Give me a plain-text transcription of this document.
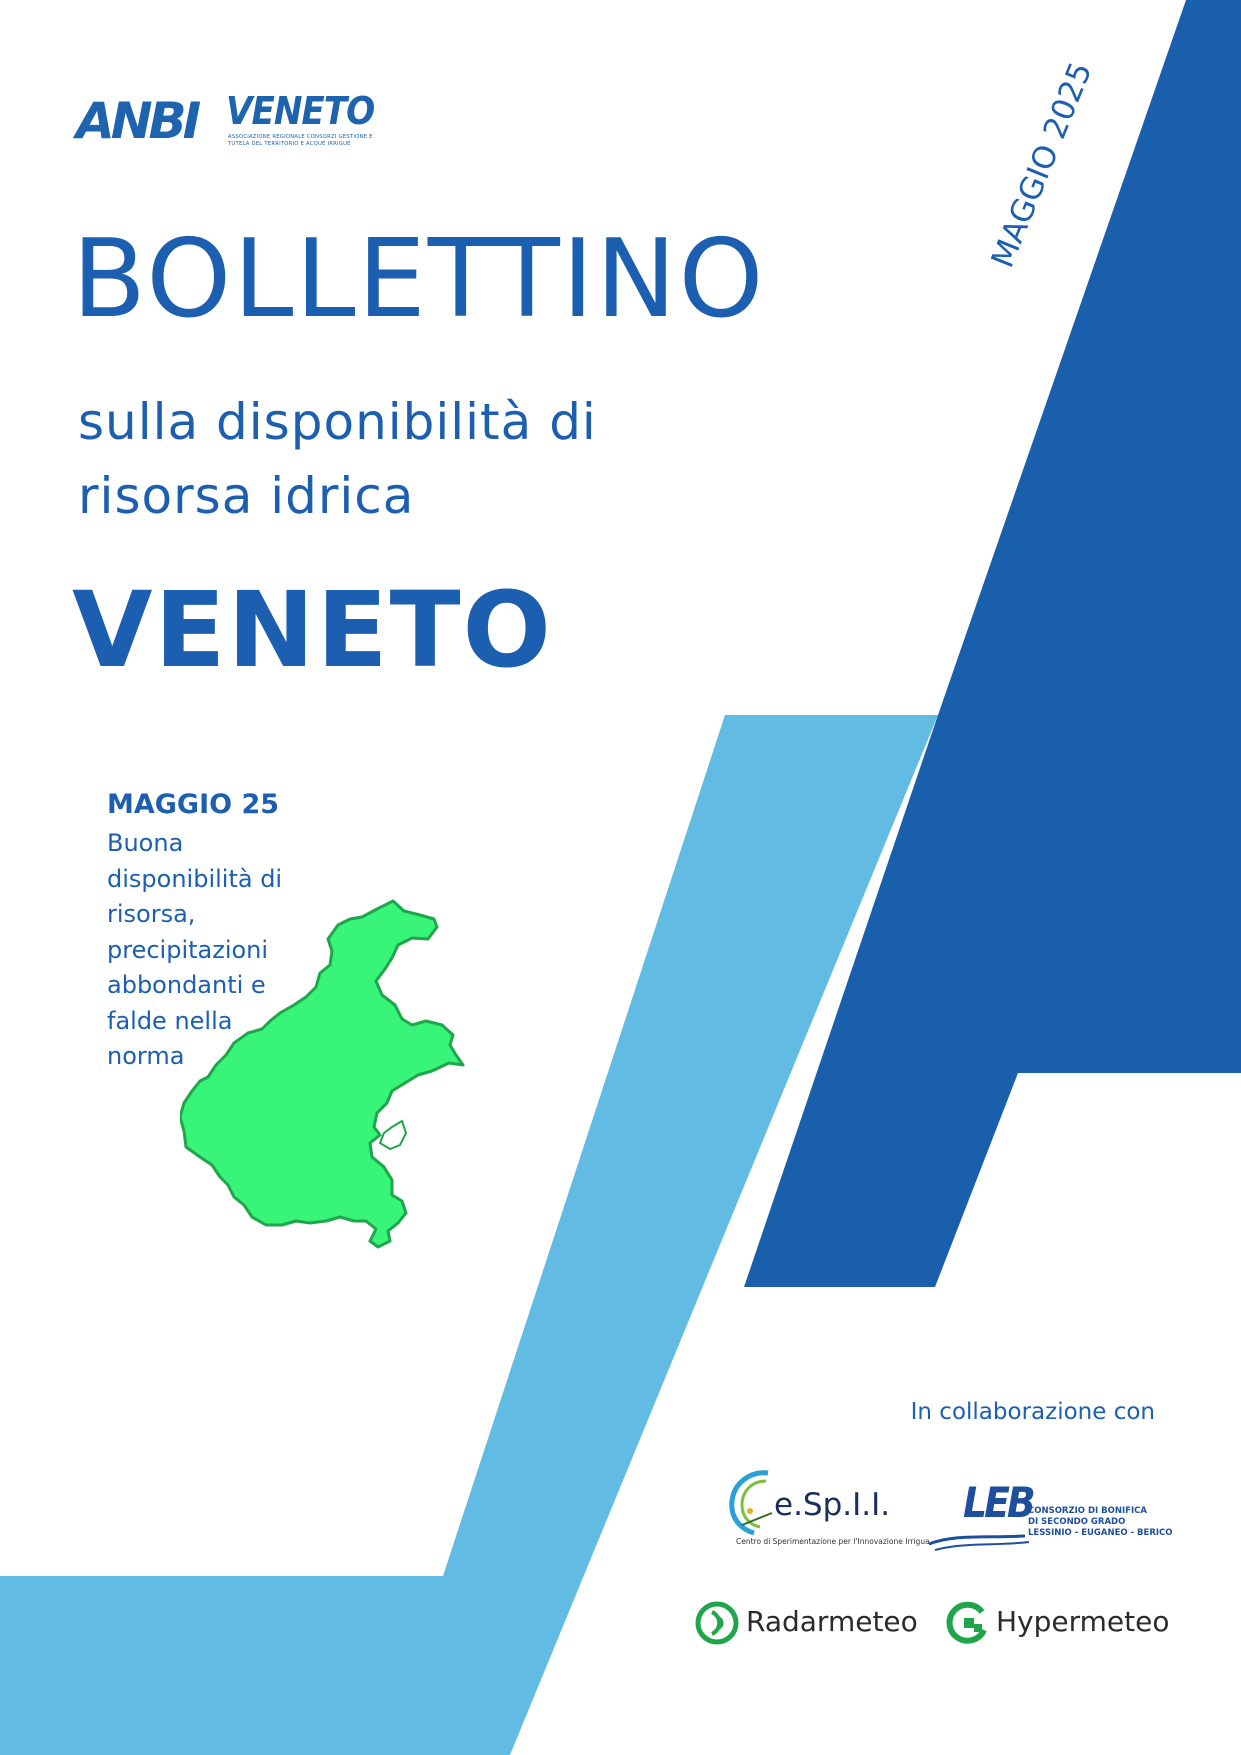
ANBI VENETO
ASSOCIAZIONE REGIONALE CONSORZI GESTIONE E TUTELA DEL TERRITORIO E ACQUE IRRIGUE	MAGGIO 2025
BOLLETTINO
sulla disponibilità di
risorsa idrica
VENETO
MAGGIO 25
Buona
disponibilità di
risorsa,
precipitazioni
abbondanti e
falde nella
norma
In collaborazione con
e.Sp.I.I.
Centro di Sperimentazione per l'Innovazione Irrigua
LEB
CONSORZIO DI BONIFICA
DI SECONDO GRADO
LESSINIO - EUGANEO - BERICO
Radarmeteo	Hypermeteo
